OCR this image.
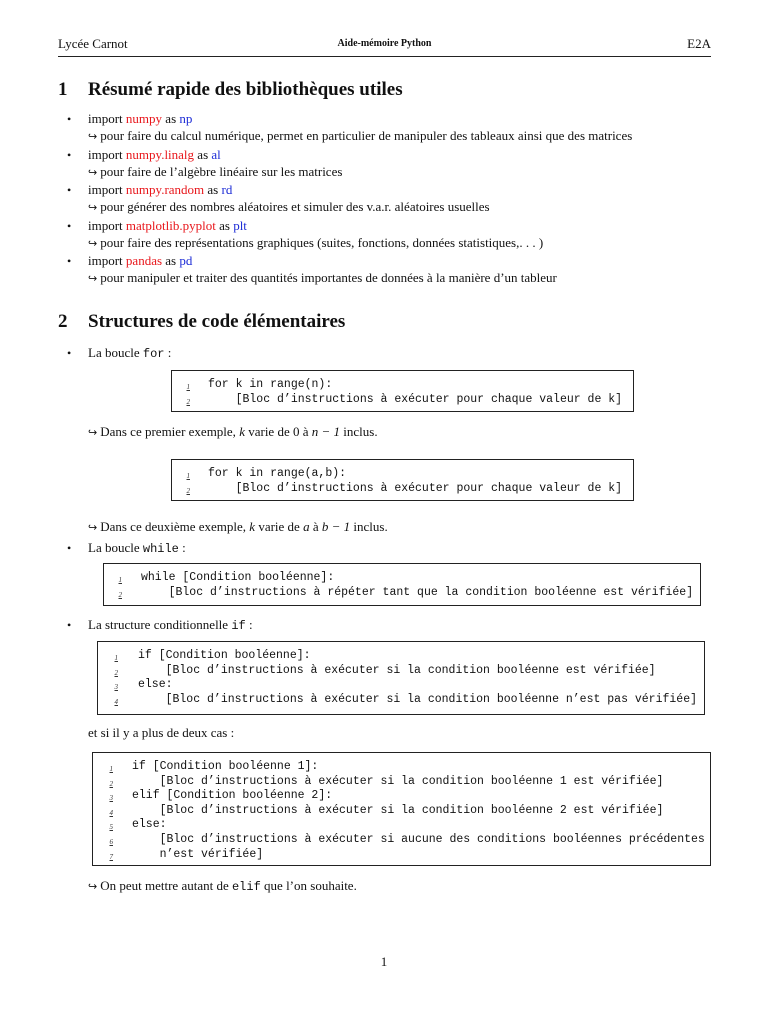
Lycée Carnot	Aide-mémoire Python	E2A
1 Résumé rapide des bibliothèques utiles
• import numpy as np
↪ pour faire du calcul numérique, permet en particulier de manipuler des tableaux ainsi que des matrices
• import numpy.linalg as al
↪ pour faire de l’algèbre linéaire sur les matrices
• import numpy.random as rd
↪ pour générer des nombres aléatoires et simuler des v.a.r. aléatoires usuelles
• import matplotlib.pyplot as plt
↪ pour faire des représentations graphiques (suites, fonctions, données statistiques,. . . )
• import pandas as pd
↪ pour manipuler et traiter des quantités importantes de données à la manière d’un tableur
2 Structures de code élémentaires
• La boucle for :
1 for k in range(n):
2 [Bloc d’instructions à exécuter pour chaque valeur de k]
↪ Dans ce premier exemple, k varie de 0 à n − 1 inclus.
1 for k in range(a,b):
2 [Bloc d’instructions à exécuter pour chaque valeur de k]
↪ Dans ce deuxième exemple, k varie de a à b − 1 inclus.
• La boucle while :
1 while [Condition booléenne]:
2 [Bloc d’instructions à répéter tant que la condition booléenne est vérifiée]
• La structure conditionnelle if :
1 if [Condition booléenne]:
2 [Bloc d’instructions à exécuter si la condition booléenne est vérifiée]
3 else:
4 [Bloc d’instructions à exécuter si la condition booléenne n’est pas vérifiée]
et si il y a plus de deux cas :
1 if [Condition booléenne 1]:
2 [Bloc d’instructions à exécuter si la condition booléenne 1 est vérifiée]
3 elif [Condition booléenne 2]:
4 [Bloc d’instructions à exécuter si la condition booléenne 2 est vérifiée]
5 else:
6 [Bloc d’instructions à exécuter si aucune des conditions booléennes précédentes
7 n’est vérifiée]
↪ On peut mettre autant de elif que l’on souhaite.
1
